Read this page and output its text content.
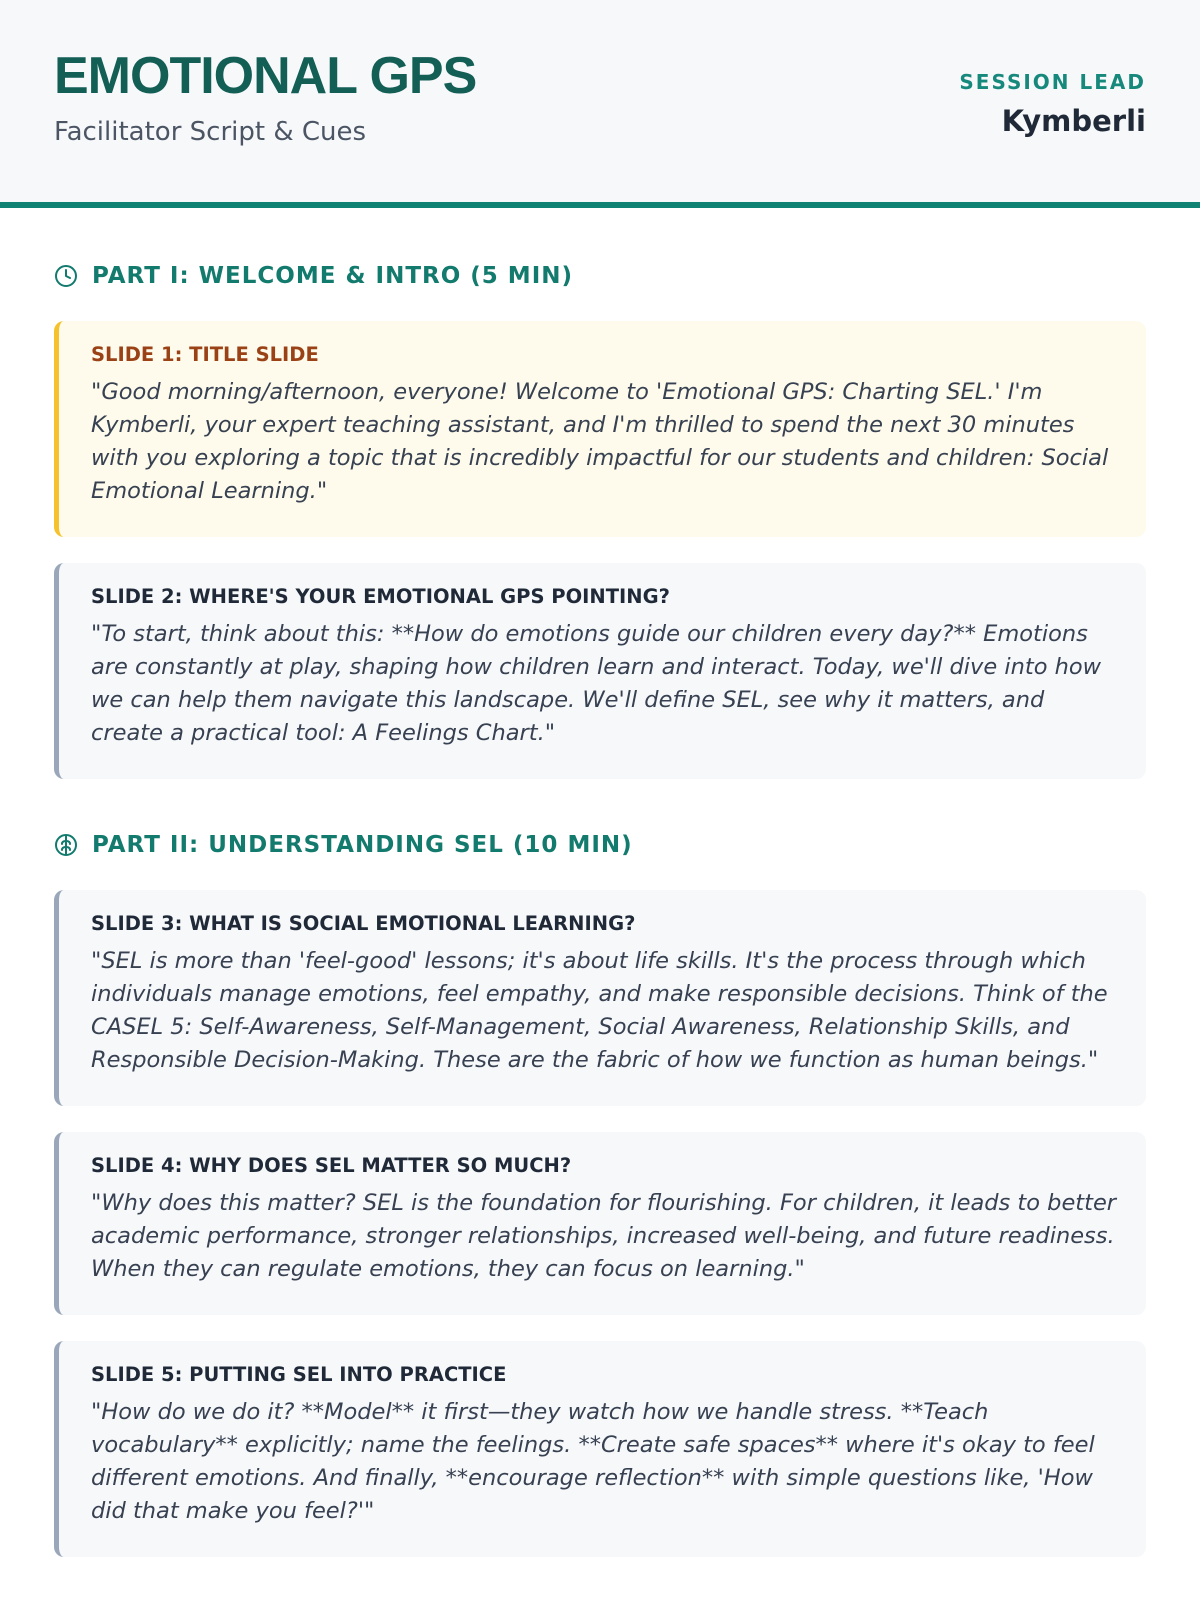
EMOTIONAL GPS
Facilitator Script & Cues
SESSION LEAD
Kymberli
PART I: WELCOME & INTRO (5 MIN)
SLIDE 1: TITLE SLIDE
"Good morning/afternoon, everyone! Welcome to 'Emotional GPS: Charting SEL.' I'm Kymberli, your expert teaching assistant, and I'm thrilled to spend the next 30 minutes with you exploring a topic that is incredibly impactful for our students and children: Social Emotional Learning."
SLIDE 2: WHERE'S YOUR EMOTIONAL GPS POINTING?
"To start, think about this: **How do emotions guide our children every day?** Emotions are constantly at play, shaping how children learn and interact. Today, we'll dive into how we can help them navigate this landscape. We'll define SEL, see why it matters, and create a practical tool: A Feelings Chart."
PART II: UNDERSTANDING SEL (10 MIN)
SLIDE 3: WHAT IS SOCIAL EMOTIONAL LEARNING?
"SEL is more than 'feel-good' lessons; it's about life skills. It's the process through which individuals manage emotions, feel empathy, and make responsible decisions. Think of the CASEL 5: Self-Awareness, Self-Management, Social Awareness, Relationship Skills, and Responsible Decision-Making. These are the fabric of how we function as human beings."
SLIDE 4: WHY DOES SEL MATTER SO MUCH?
"Why does this matter? SEL is the foundation for flourishing. For children, it leads to better academic performance, stronger relationships, increased well-being, and future readiness. When they can regulate emotions, they can focus on learning."
SLIDE 5: PUTTING SEL INTO PRACTICE
"How do we do it? **Model** it first—they watch how we handle stress. **Teach vocabulary** explicitly; name the feelings. **Create safe spaces** where it's okay to feel different emotions. And finally, **encourage reflection** with simple questions like, 'How did that make you feel?'"
